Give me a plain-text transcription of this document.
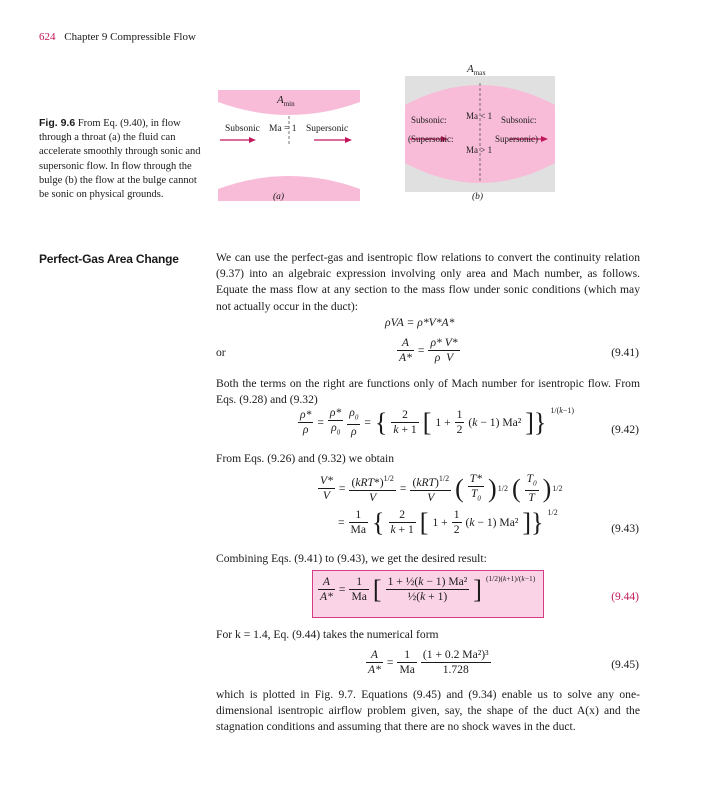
624 Chapter 9 Compressible Flow
Fig. 9.6 From Eq. (9.40), in flow through a throat (a) the fluid can accelerate smoothly through sonic and supersonic flow. In flow through the bulge (b) the flow at the bulge cannot be sonic on physical grounds.
$A_{min}$
Subsonic Ma = 1 Supersonic
(a)
$A_{max}$
Subsonic:
(Supersonic:
Ma < 1
Ma > 1
Subsonic:
Supersonic)
(b)
Perfect-Gas Area Change	We can use the perfect-gas and isentropic flow relations to convert the continuity relation (9.37) into an algebraic expression involving only area and Mach number, as follows. Equate the mass flow at any section to the mass flow under sonic conditions (which may not actually occur in the duct):
ρVA = ρ*V*A*
or	$\frac{A}{A*} = \frac{\rho* V*}{\text{ρ  V}}$	(9.41)
Both the terms on the right are functions only of Mach number for isentropic flow. From Eqs. (9.28) and (9.32)
$\frac{\rho*}{\rho} = \frac{\rho*}{\rho_0} \frac{\rho_0}{\rho}$ = { $\frac{2}{k + 1}$ [ $1 + \frac{1}{2} (k - 1)$ Ma² ]} 1/(k−1)
(9.42)
From Eqs. (9.26) and (9.32) we obtain
$\frac{V*}{V} = \frac{(kRT*)^{1/2}}{V} = \frac{(kRT)^{1/2}}{V}$ ( $\frac{T*}{T_0}$ ) 1/2 ( $\frac{T_0}{T}$ ) 1/2
= $\frac{1}{Ma}$ { $\frac{2}{k + 1}$ [ $1 + \frac{1}{2} (k - 1)$ Ma² ]} 1/2
(9.43)
Combining Eqs. (9.41) to (9.43), we get the desired result:
$\frac{A}{A*} = \frac{1}{Ma}$ [ $\frac{\text{1 + ½(k − 1) Ma²}}{\text{½(k + 1)}}$ ] (1/2)(k+1)/(k−1)
(9.44)
For k = 1.4, Eq. (9.44) takes the numerical form
$\frac{A}{A*} = \frac{1}{Ma} \frac{\text{(1 + 0.2 Ma²)³}}{1.728}$	(9.45)
which is plotted in Fig. 9.7. Equations (9.45) and (9.34) enable us to solve any one-dimensional isentropic airflow problem given, say, the shape of the duct A(x) and the stagnation conditions and assuming that there are no shock waves in the duct.
